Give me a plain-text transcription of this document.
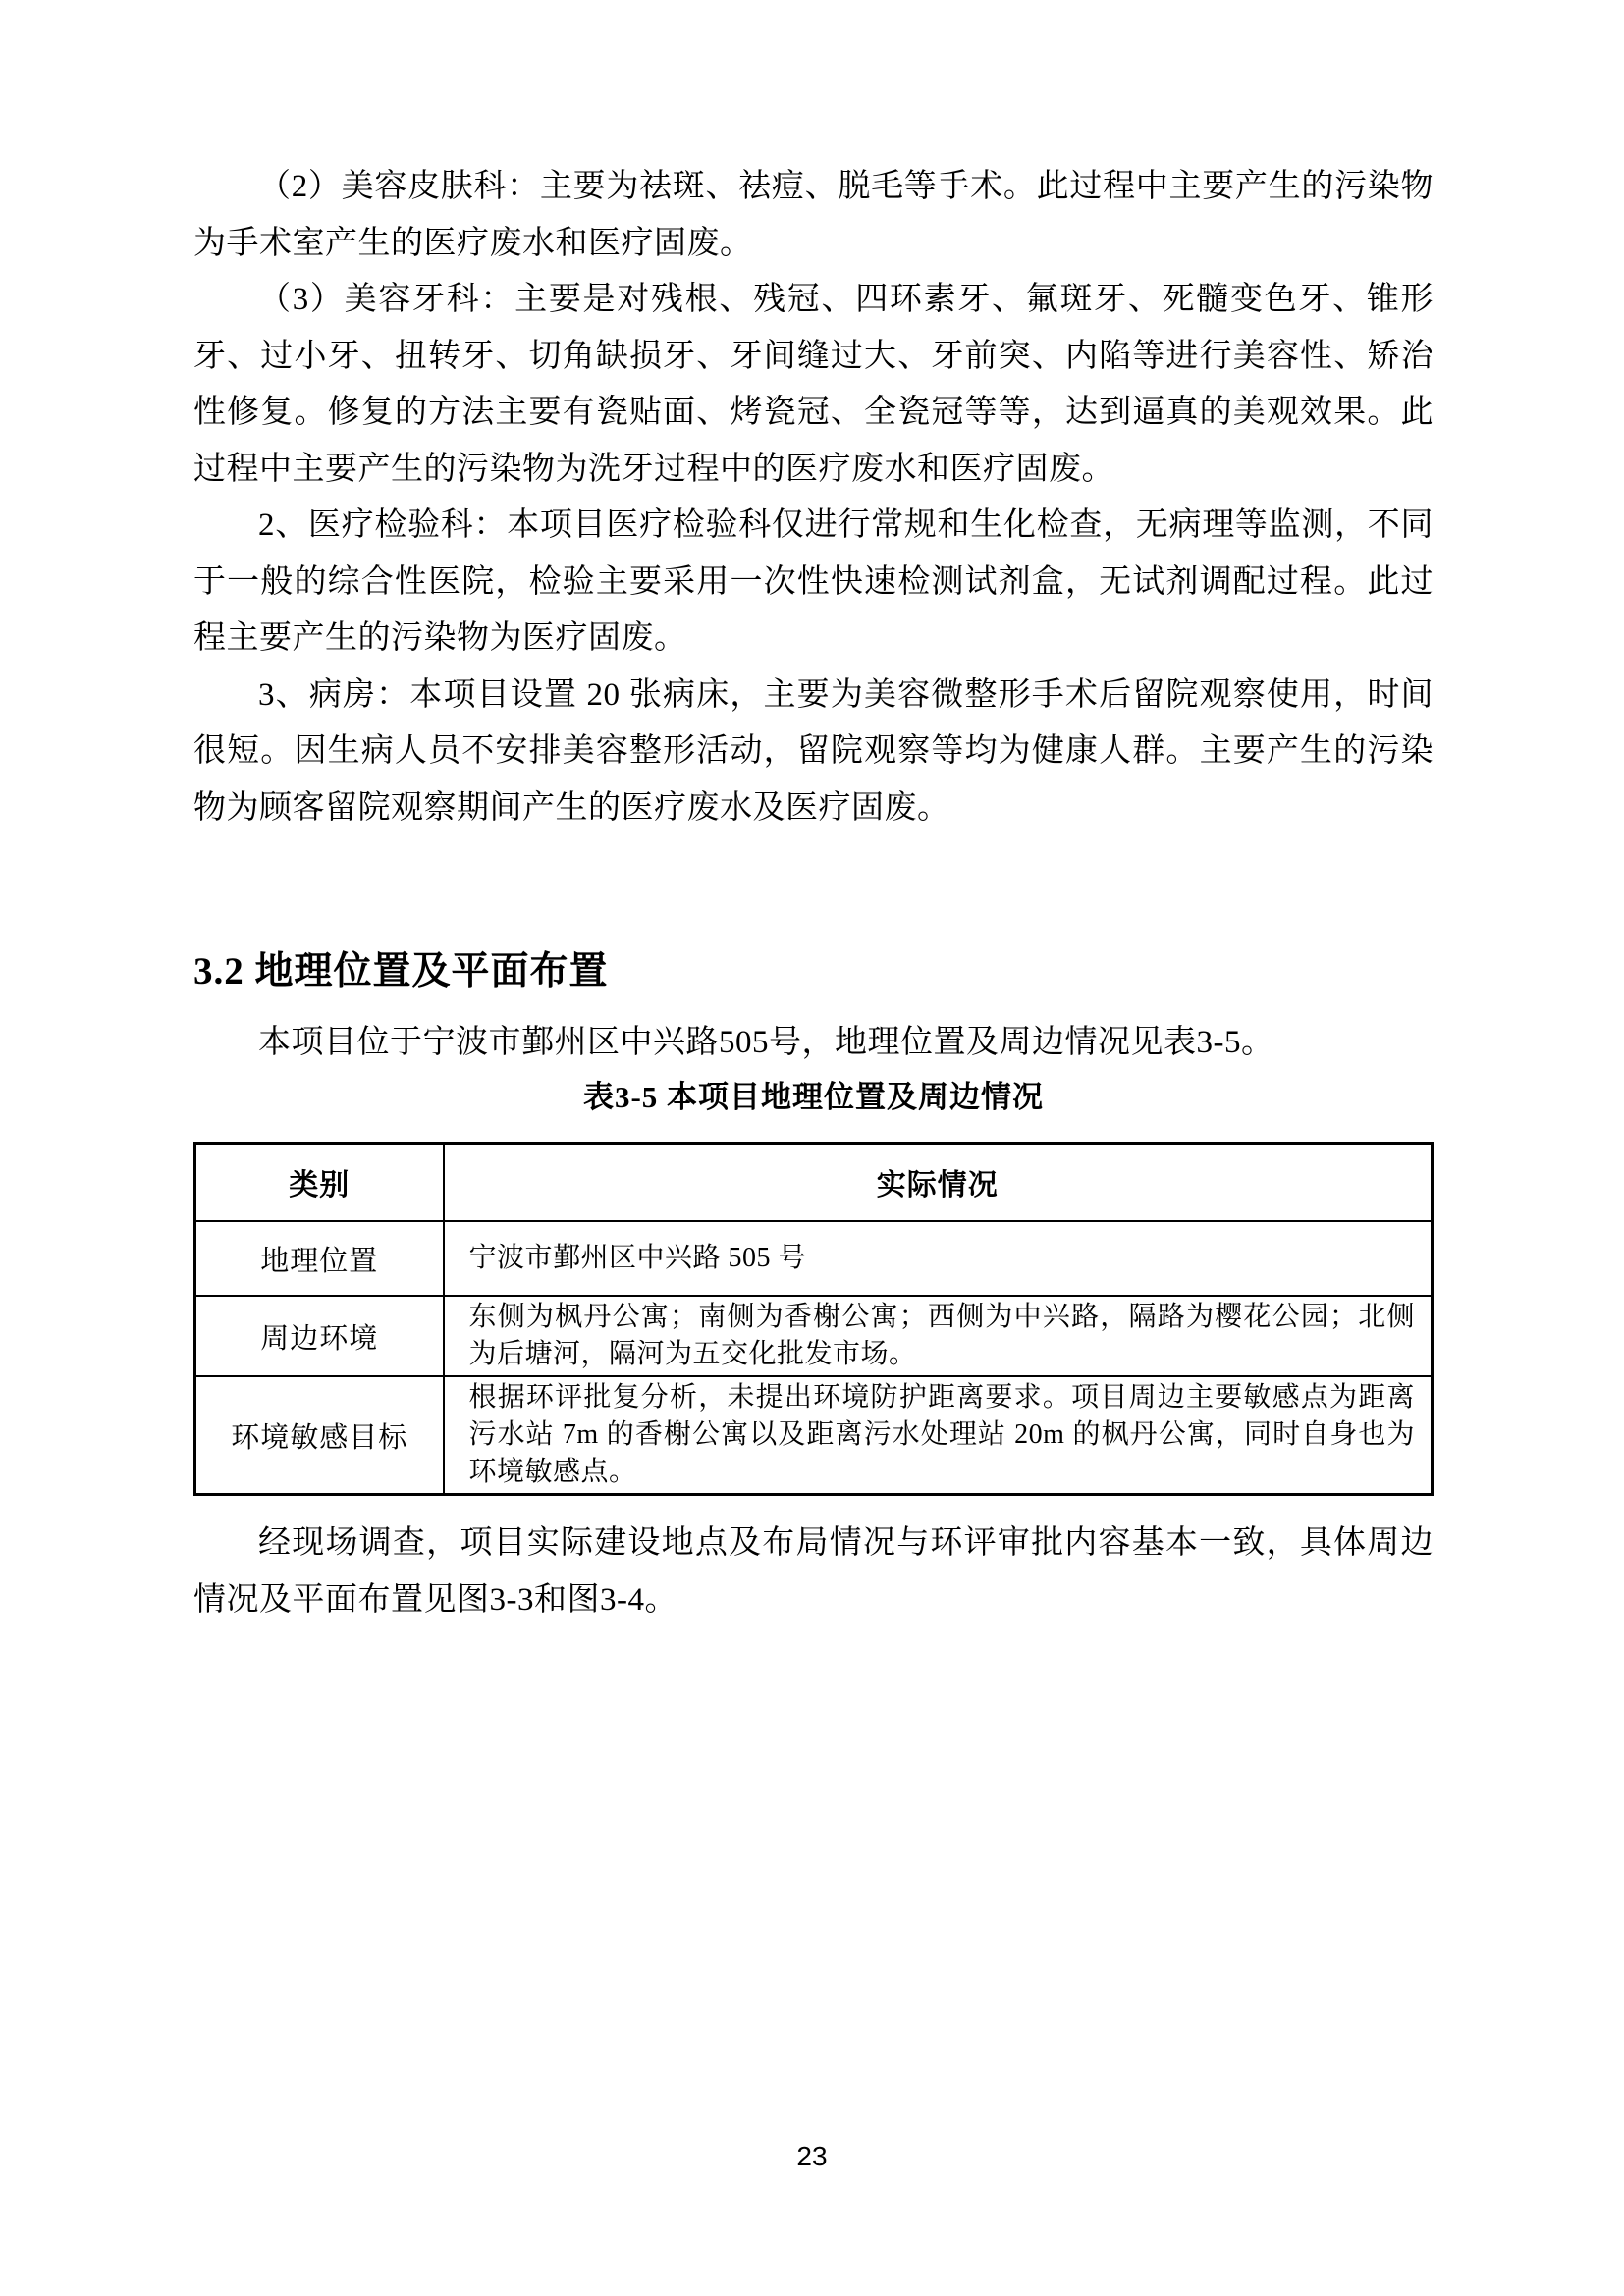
（2）美容皮肤科：主要为祛斑、祛痘、脱毛等手术。此过程中主要产生的污染物为手术室产生的医疗废水和医疗固废。

（3）美容牙科：主要是对残根、残冠、四环素牙、氟斑牙、死髓变色牙、锥形牙、过小牙、扭转牙、切角缺损牙、牙间缝过大、牙前突、内陷等进行美容性、矫治性修复。修复的方法主要有瓷贴面、烤瓷冠、全瓷冠等等，达到逼真的美观效果。此过程中主要产生的污染物为洗牙过程中的医疗废水和医疗固废。

2、医疗检验科：本项目医疗检验科仅进行常规和生化检查，无病理等监测，不同于一般的综合性医院，检验主要采用一次性快速检测试剂盒，无试剂调配过程。此过程主要产生的污染物为医疗固废。

3、病房：本项目设置 20 张病床，主要为美容微整形手术后留院观察使用，时间很短。因生病人员不安排美容整形活动，留院观察等均为健康人群。主要产生的污染物为顾客留院观察期间产生的医疗废水及医疗固废。

3.2 地理位置及平面布置

本项目位于宁波市鄞州区中兴路505号，地理位置及周边情况见表3-5。

表3-5 本项目地理位置及周边情况
类别	实际情况
地理位置	宁波市鄞州区中兴路 505 号
周边环境	东侧为枫丹公寓；南侧为香榭公寓；西侧为中兴路，隔路为樱花公园；北侧为后塘河，隔河为五交化批发市场。
环境敏感目标	根据环评批复分析，未提出环境防护距离要求。项目周边主要敏感点为距离污水站 7m 的香榭公寓以及距离污水处理站 20m 的枫丹公寓，同时自身也为环境敏感点。

经现场调查，项目实际建设地点及布局情况与环评审批内容基本一致，具体周边情况及平面布置见图3-3和图3-4。

23
